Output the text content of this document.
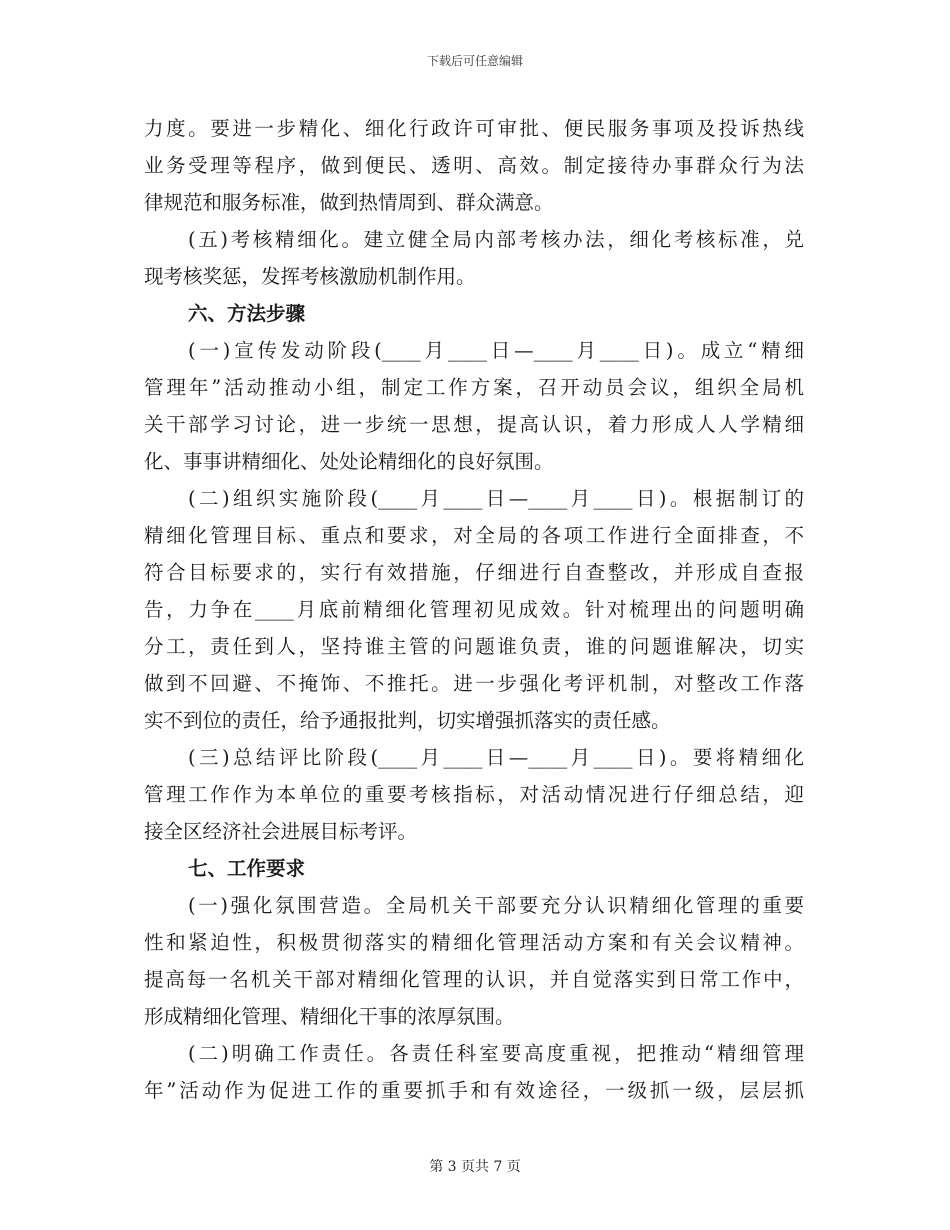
下载后可任意编辑
力度。要进一步精化、细化行政许可审批、便民服务事项及投诉热线
业务受理等程序，做到便民、透明、高效。制定接待办事群众行为法
律规范和服务标准，做到热情周到、群众满意。
(五)考核精细化。建立健全局内部考核办法，细化考核标准，兑
现考核奖惩，发挥考核激励机制作用。
六、方法步骤
(一)宣传发动阶段(____月____日—____月____日)。成立“精细
管理年”活动推动小组，制定工作方案，召开动员会议，组织全局机
关干部学习讨论，进一步统一思想，提高认识，着力形成人人学精细
化、事事讲精细化、处处论精细化的良好氛围。
(二)组织实施阶段(____月____日—____月____日)。根据制订的
精细化管理目标、重点和要求，对全局的各项工作进行全面排查，不
符合目标要求的，实行有效措施，仔细进行自查整改，并形成自查报
告，力争在____月底前精细化管理初见成效。针对梳理出的问题明确
分工，责任到人，坚持谁主管的问题谁负责，谁的问题谁解决，切实
做到不回避、不掩饰、不推托。进一步强化考评机制，对整改工作落
实不到位的责任，给予通报批判，切实增强抓落实的责任感。
(三)总结评比阶段(____月____日—____月____日)。要将精细化
管理工作作为本单位的重要考核指标，对活动情况进行仔细总结，迎
接全区经济社会进展目标考评。
七、工作要求
(一)强化氛围营造。全局机关干部要充分认识精细化管理的重要
性和紧迫性，积极贯彻落实的精细化管理活动方案和有关会议精神。
提高每一名机关干部对精细化管理的认识，并自觉落实到日常工作中，
形成精细化管理、精细化干事的浓厚氛围。
(二)明确工作责任。各责任科室要高度重视，把推动“精细管理
年”活动作为促进工作的重要抓手和有效途径，一级抓一级，层层抓
第 3 页共 7 页
